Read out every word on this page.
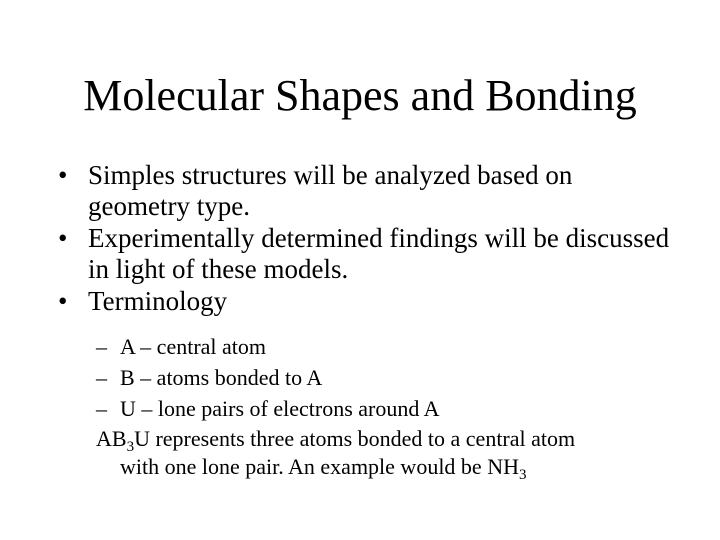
Molecular Shapes and Bonding
• Simples structures will be analyzed based on geometry type.
• Experimentally determined findings will be discussed in light of these models.
• Terminology
– A – central atom
– B – atoms bonded to A
– U – lone pairs of electrons around A
$AB_3U$ represents three atoms bonded to a central atom
with one lone pair. An example would be $NH_3$
